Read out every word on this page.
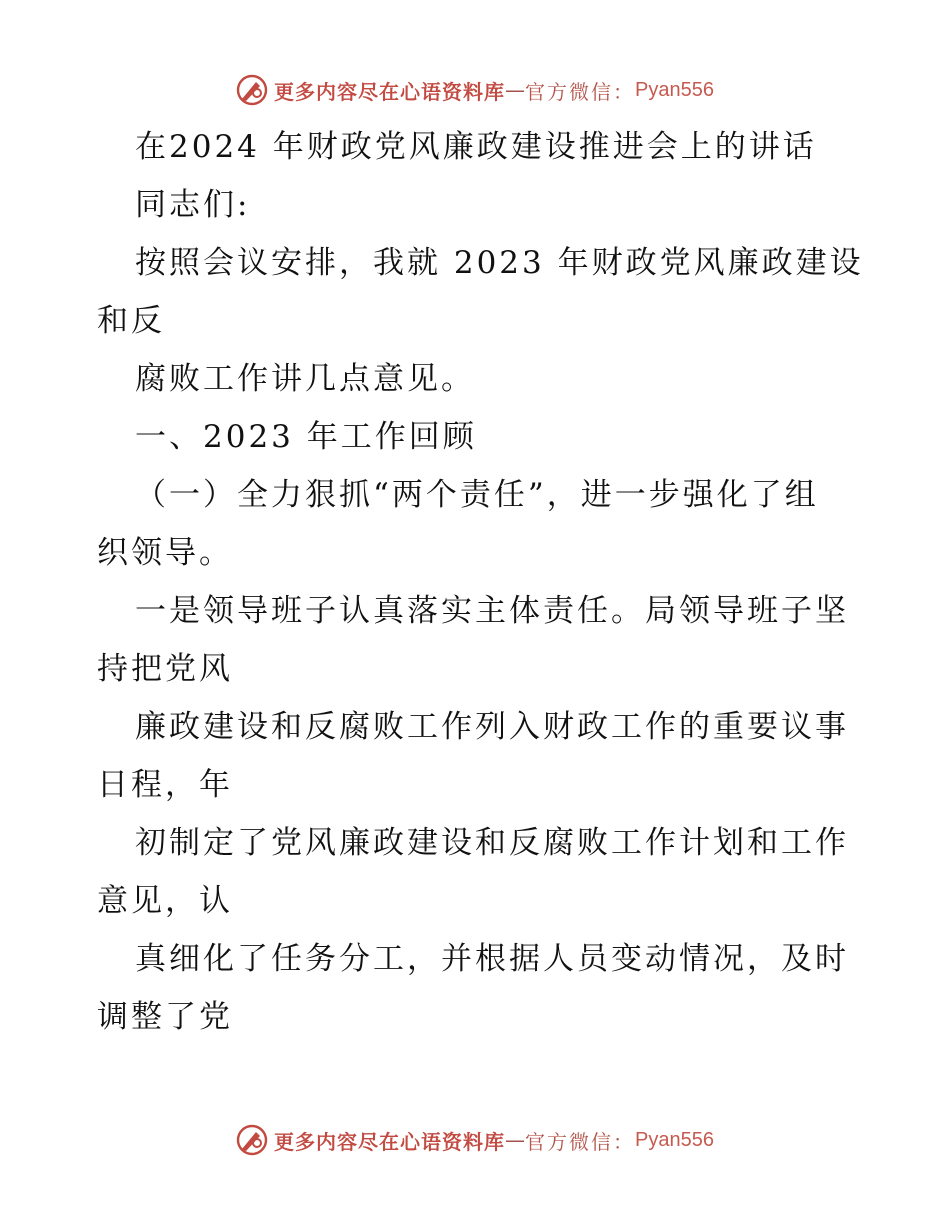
更多内容尽在心语资料库 — 官方微信： Pyan556
在2024 年财政党风廉政建设推进会上的讲话
同志们:
按照会议安排，我就 2023 年财政党风廉政建设
和反
腐败工作讲几点意见。
一、2023 年工作回顾
（一）全力狠抓“两个责任”，进一步强化了组
织领导。
一是领导班子认真落实主体责任。局领导班子坚
持把党风
廉政建设和反腐败工作列入财政工作的重要议事
日程，年
初制定了党风廉政建设和反腐败工作计划和工作
意见，认
真细化了任务分工，并根据人员变动情况，及时
调整了党
更多内容尽在心语资料库 — 官方微信： Pyan556
